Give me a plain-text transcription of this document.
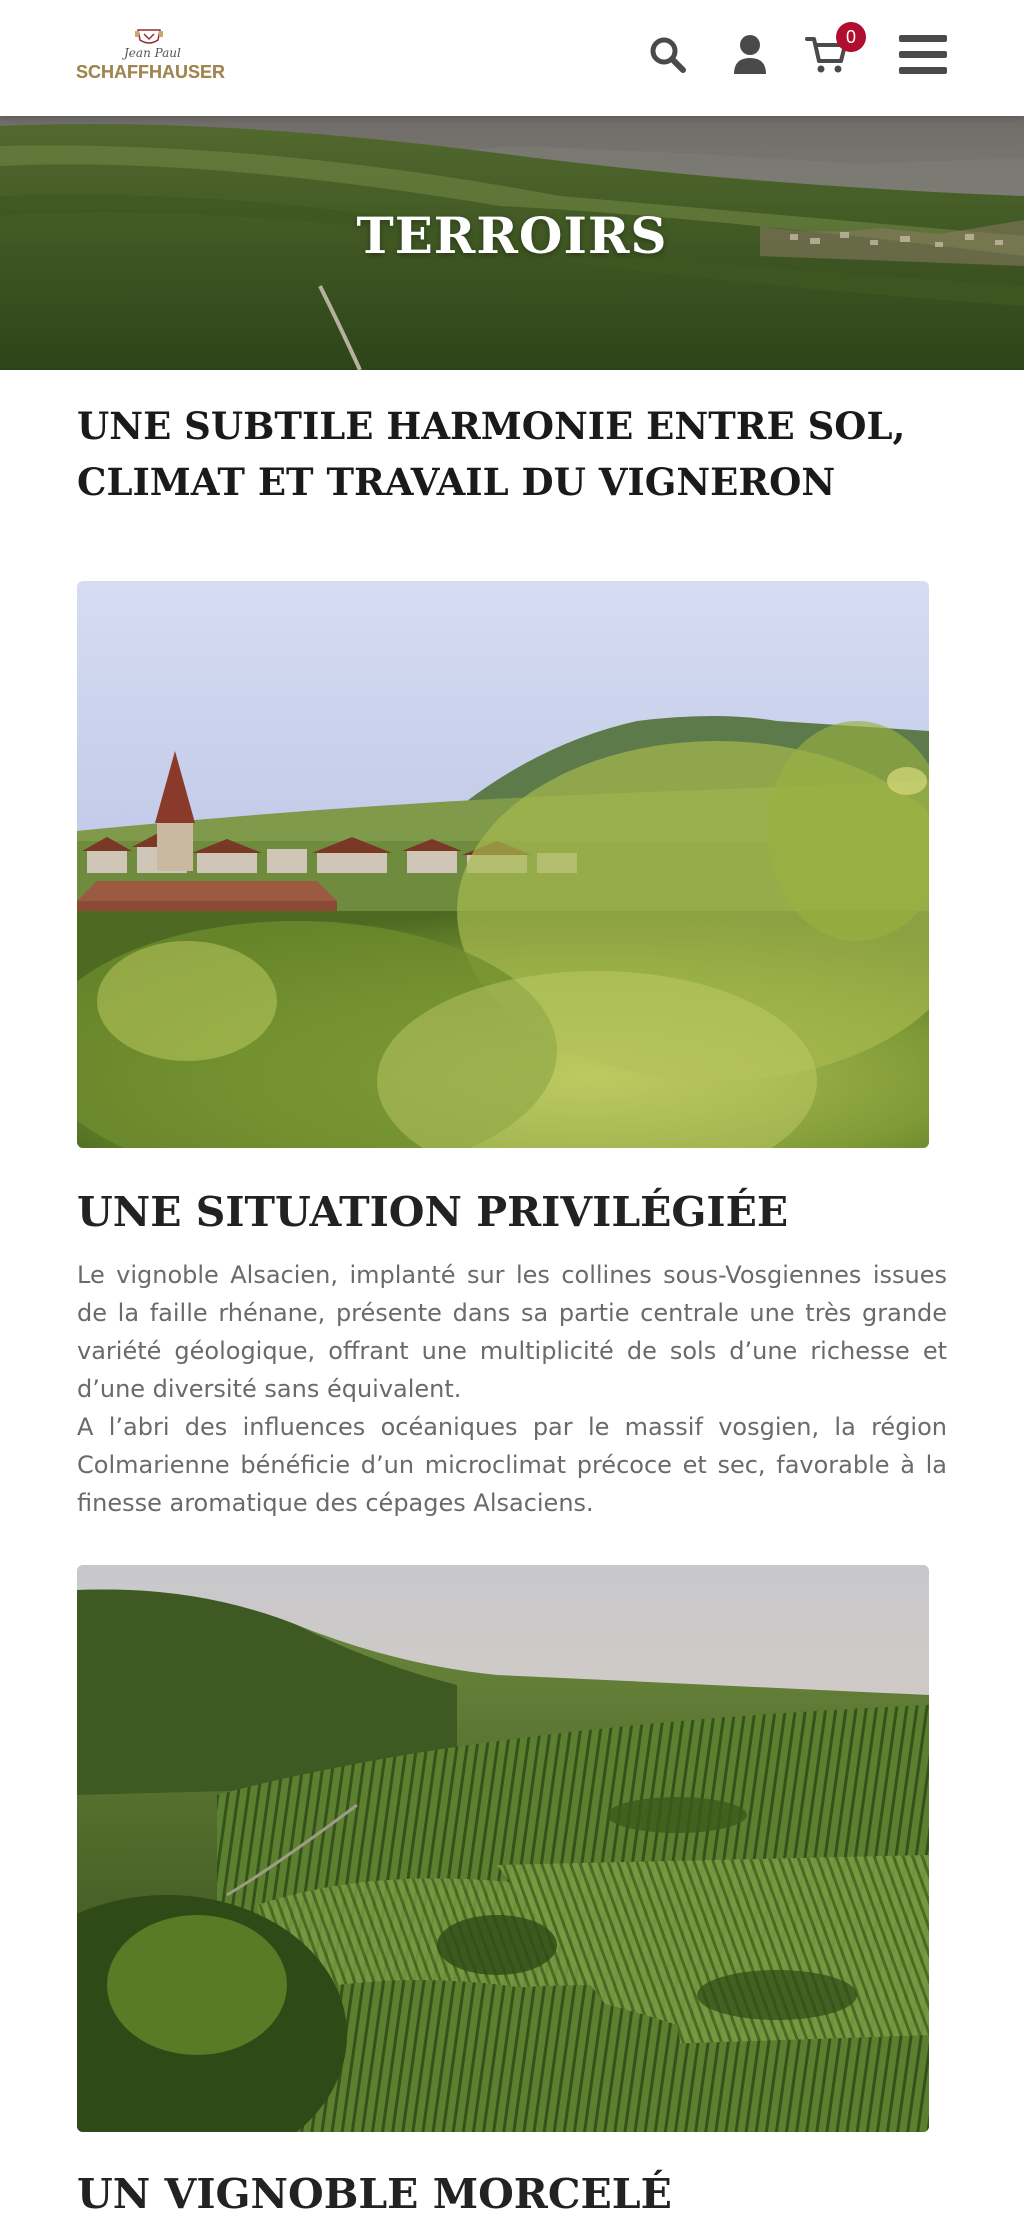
Jean Paul
SCHAFFHAUSER
0
TERROIRS
UNE SUBTILE HARMONIE ENTRE SOL, CLIMAT ET TRAVAIL DU VIGNERON
UNE SITUATION PRIVILÉGIÉE

Le vignoble Alsacien, implanté sur les collines sous-Vosgiennes issues de la faille rhénane, présente dans sa partie centrale une très grande variété géologique, offrant une multiplicité de sols d’une richesse et d’une diversité sans équivalent.

A l’abri des influences océaniques par le massif vosgien, la région Colmarienne bénéficie d’un microclimat précoce et sec, favorable à la finesse aromatique des cépages Alsaciens.

UN VIGNOBLE MORCELÉ
